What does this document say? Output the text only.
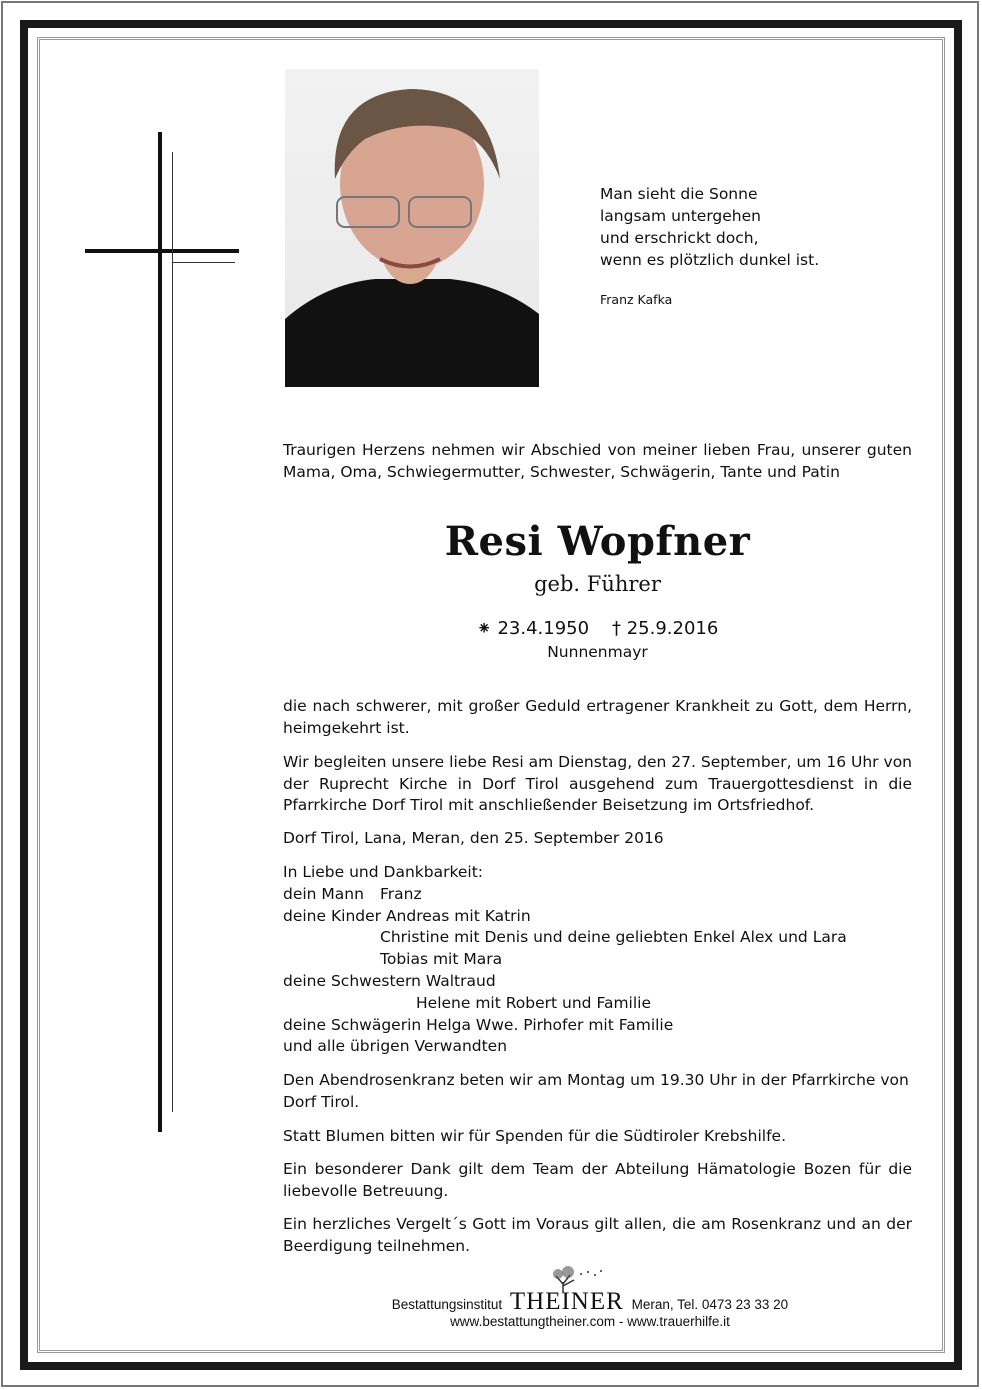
Man sieht die Sonne
langsam untergehen
und erschrickt doch,
wenn es plötzlich dunkel ist.
Franz Kafka
Traurigen Herzens nehmen wir Abschied von meiner lieben Frau, unserer guten Mama, Oma, Schwiegermutter, Schwester, Schwägerin, Tante und Patin
Resi Wopfner
geb. Führer
⁕ 23.4.1950 † 25.9.2016
Nunnenmayr
die nach schwerer, mit großer Geduld ertragener Krankheit zu Gott, dem Herrn, heimgekehrt ist.
Wir begleiten unsere liebe Resi am Dienstag, den 27. September, um 16 Uhr von der Ruprecht Kirche in Dorf Tirol ausgehend zum Trauergottesdienst in die Pfarrkirche Dorf Tirol mit anschließender Beisetzung im Ortsfriedhof.
Dorf Tirol, Lana, Meran, den 25. September 2016
In Liebe und Dankbarkeit:
dein Mann Franz
deine Kinder Andreas mit Katrin
Christine mit Denis und deine geliebten Enkel Alex und Lara
Tobias mit Mara
deine Schwestern Waltraud
Helene mit Robert und Familie
deine Schwägerin Helga Wwe. Pirhofer mit Familie
und alle übrigen Verwandten
Den Abendrosenkranz beten wir am Montag um 19.30 Uhr in der Pfarrkirche von Dorf Tirol.
Statt Blumen bitten wir für Spenden für die Südtiroler Krebshilfe.
Ein besonderer Dank gilt dem Team der Abteilung Hämatologie Bozen für die liebevolle Betreuung.
Ein herzliches Vergelt´s Gott im Voraus gilt allen, die am Rosenkranz und an der Beerdigung teilnehmen.
Bestattungsinstitut THEINER Meran, Tel. 0473 23 33 20
www.bestattungtheiner.com - www.trauerhilfe.it
